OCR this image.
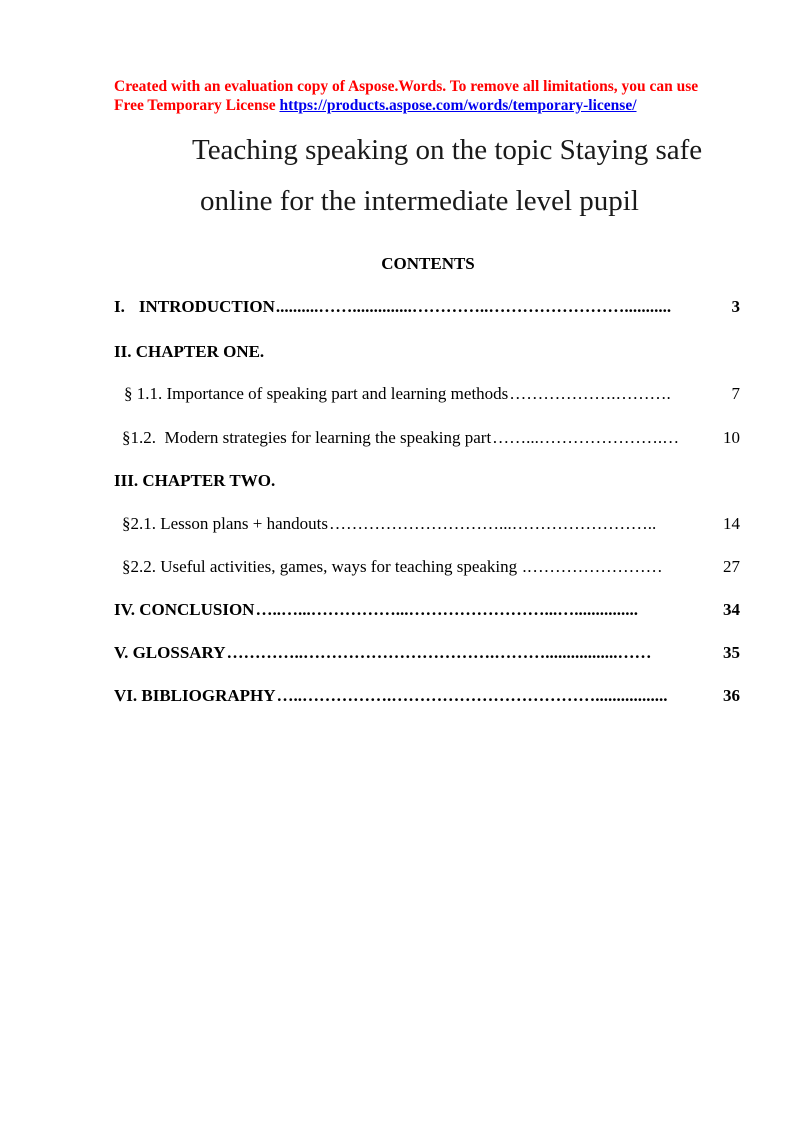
Created with an evaluation copy of Aspose.Words. To remove all limitations, you can use
Free Temporary License https://products.aspose.com/words/temporary-license/
Teaching speaking on the topic Staying safe
online for the intermediate level pupil
CONTENTS
I. INTRODUCTION	3
..........……..............…………..……………………...........
II. CHAPTER ONE.
§ 1.1. Importance of speaking part and learning methods	7
……………….……….
§1.2.  Modern strategies for learning the speaking part	10
……...………………….…
III. CHAPTER TWO.
§2.1. Lesson plans + handouts	14
…………………………...……………………..
§2.2. Useful activities, games, ways for teaching speaking	27
.……………………
IV. CONCLUSION	34
…..…...……………...……………………...…...............
V. GLOSSARY	35
…………..…………………………….……….................……
VI. BIBLIOGRAPHY	36
…..…………….……………………………….................
